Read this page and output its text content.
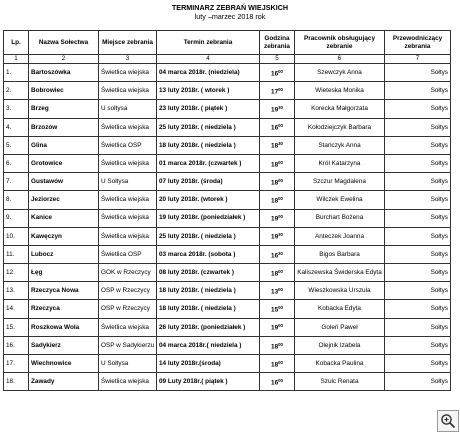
TERMINARZ ZEBRAŃ WIEJSKICH
luty –marzec 2018 rok
Lp.	Nazwa Sołectwa	Miejsce zebrania	Termin zebrania	Godzina zebrania	Pracownik obsługujący zebranie	Przewodniczący zebrania
1	2	3	4	5	6	7
1.	Bartoszówka	Świetlica wiejska	04 marca 2018r. (niedziela)	$16^{00}$	Szewczyk Anna	Sołtys
2.	Bobrowiec	Świetlica wiejska	13 luty 2018r. ( wtorek )	$17^{00}$	Wieteska Monika	Sołtys
3.	Brzeg	U sołtysa	23 luty 2018r. ( piątek )	$19^{30}$	Korecka Małgorzata	Sołtys
4.	Brzozów	Świetlica wiejska	25 luty 2018r. ( niedziela )	$16^{00}$	Kołodziejczyk Barbara	Sołtys
5.	Glina	Świetlica OSP	18 luty 2018r. ( niedziela )	$18^{30}$	Stańczyk Anna	Sołtys
6.	Grotowice	Świetlica wiejska	01 marca 2018r. (czwartek )	$18^{00}$	Król Katarzyna	Sołtys
7.	Gustawów	U Sołtysa	07 luty 2018r. (środa)	$18^{00}$	Szczur Magdalena	Sołtys
8.	Jeziorzec	Świetlica wiejska	20 luty 2018r. (wtorek )	$18^{00}$	Wilczek Ewelina	Sołtys
9.	Kanice	Świetlica wiejska	19 luty 2018r. (poniedziałek )	$19^{00}$	Burchart Bożena	Sołtys
10.	Kawęczyn	Świetlica wiejska	25 luty 2018r. ( niedziela )	$19^{30}$	Anteczek Joanna	Sołtys
11.	Lubocz	Świetlica OSP	03 marca 2018r. (sobota )	$16^{30}$	Bigos Barbara	Sołtys
12.	Łęg	GOK w Rzeczycy	08 luty 2018r. (czwartek )	$18^{00}$	Kaliszewska Świderska Edyta	Sołtys
13.	Rzeczyca Nowa	OSP w Rzeczycy	18 luty 2018r. ( niedziela )	$13^{00}$	Wieszkowska Urszula	Sołtys
14.	Rzeczyca	OSP w Rzeczycy	18 luty 2018r. ( niedziela )	$15^{00}$	Kobacka Edyta	Sołtys
15.	Roszkowa Wola	Świetlica wiejska	26 luty 2018r. (poniedziałek )	$19^{00}$	Goleń Paweł	Sołtys
16.	Sadykierz	OSP w Sadykierzu	04 marca 2018r.( niedziela )	$18^{00}$	Olejnik Izabela	Sołtys
17.	Wiechnowice	U Sołtysa	14 luty 2018r.(środa)	$18^{00}$	Kobacka Paulina	Sołtys
18.	Zawady	Świetlica wiejska	09 Luty 2018r.( piątek )	$16^{00}$	Szulc Renata	Sołtys
